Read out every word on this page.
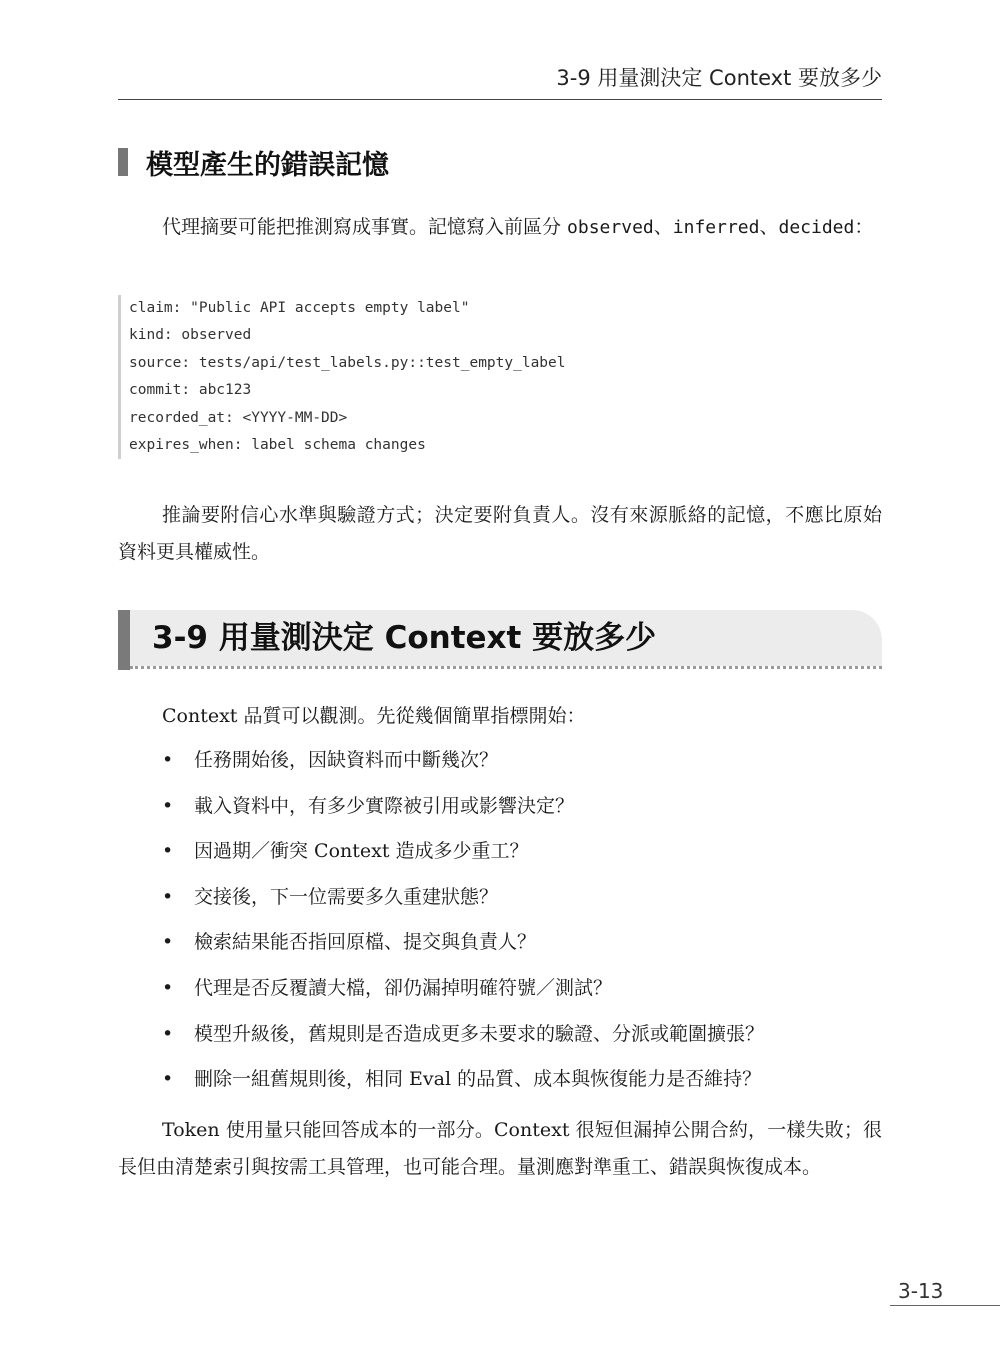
3-9 用量測決定 Context 要放多少
模型產生的錯誤記憶

代理摘要可能把推測寫成事實。記憶寫入前區分 observed、inferred、decided：

claim: "Public API accepts empty label"
kind: observed
source: tests/api/test_labels.py::test_empty_label
commit: abc123
recorded_at: <YYYY-MM-DD>
expires_when: label schema changes

推論要附信心水準與驗證方式；決定要附負責人。沒有來源脈絡的記憶，不應比原始資料更具權威性。

3-9 用量測決定 Context 要放多少
Context 品質可以觀測。先從幾個簡單指標開始：
•	任務開始後，因缺資料而中斷幾次？
•	載入資料中，有多少實際被引用或影響決定？
•	因過期／衝突 Context 造成多少重工？
•	交接後，下一位需要多久重建狀態？
•	檢索結果能否指回原檔、提交與負責人？
•	代理是否反覆讀大檔，卻仍漏掉明確符號／測試？
•	模型升級後，舊規則是否造成更多未要求的驗證、分派或範圍擴張？
•	刪除一組舊規則後，相同 Eval 的品質、成本與恢復能力是否維持？

Token 使用量只能回答成本的一部分。Context 很短但漏掉公開合約，一樣失敗；很長但由清楚索引與按需工具管理，也可能合理。量測應對準重工、錯誤與恢復成本。

3-13
